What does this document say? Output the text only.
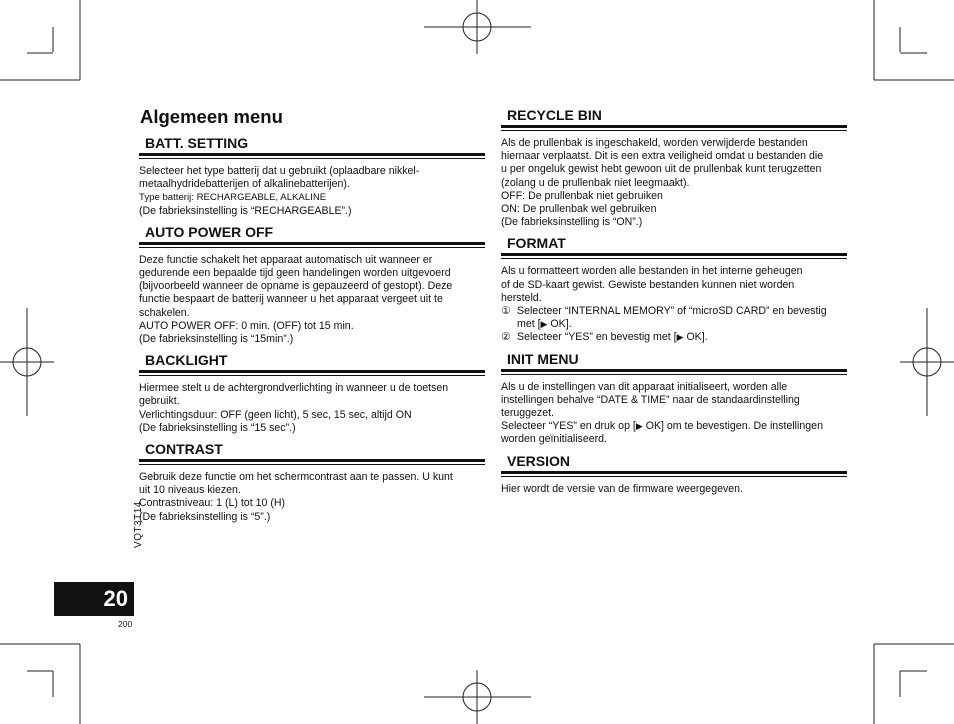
Algemeen menu
BATT. SETTING

Selecteer het type batterij dat u gebruikt (oplaadbare nikkel-

metaalhydridebatterijen of alkalinebatterijen).

Type batterij: RECHARGEABLE, ALKALINE

(De fabrieksinstelling is “RECHARGEABLE”.)

AUTO POWER OFF

Deze functie schakelt het apparaat automatisch uit wanneer er

gedurende een bepaalde tijd geen handelingen worden uitgevoerd

(bijvoorbeeld wanneer de opname is gepauzeerd of gestopt). Deze

functie bespaart de batterij wanneer u het apparaat vergeet uit te

schakelen.

AUTO POWER OFF: 0 min. (OFF) tot 15 min.

(De fabrieksinstelling is “15min”.)

BACKLIGHT

Hiermee stelt u de achtergrondverlichting in wanneer u de toetsen

gebruikt.

Verlichtingsduur: OFF (geen licht), 5 sec, 15 sec, altijd ON

(De fabrieksinstelling is “15 sec”.)

CONTRAST

Gebruik deze functie om het schermcontrast aan te passen. U kunt

uit 10 niveaus kiezen.

Contrastniveau: 1 (L) tot 10 (H)

(De fabrieksinstelling is “5”.)

RECYCLE BIN

Als de prullenbak is ingeschakeld, worden verwijderde bestanden

hiernaar verplaatst. Dit is een extra veiligheid omdat u bestanden die

u per ongeluk gewist hebt gewoon uit de prullenbak kunt terugzetten

(zolang u de prullenbak niet leegmaakt).

OFF: De prullenbak niet gebruiken

ON: De prullenbak wel gebruiken

(De fabrieksinstelling is “ON”.)

FORMAT

Als u formatteert worden alle bestanden in het interne geheugen

of de SD-kaart gewist. Gewiste bestanden kunnen niet worden

hersteld.

① Selecteer “INTERNAL MEMORY” of “microSD CARD” en bevestig
met [▶ OK].
② Selecteer “YES” en bevestig met [▶ OK].
INIT MENU

Als u de instellingen van dit apparaat initialiseert, worden alle

instellingen behalve “DATE & TIME” naar de standaardinstelling

teruggezet.

Selecteer “YES” en druk op [▶ OK] om te bevestigen. De instellingen

worden geïnitialiseerd.

VERSION

Hier wordt de versie van de firmware weergegeven.

VQT3T14
20
200
